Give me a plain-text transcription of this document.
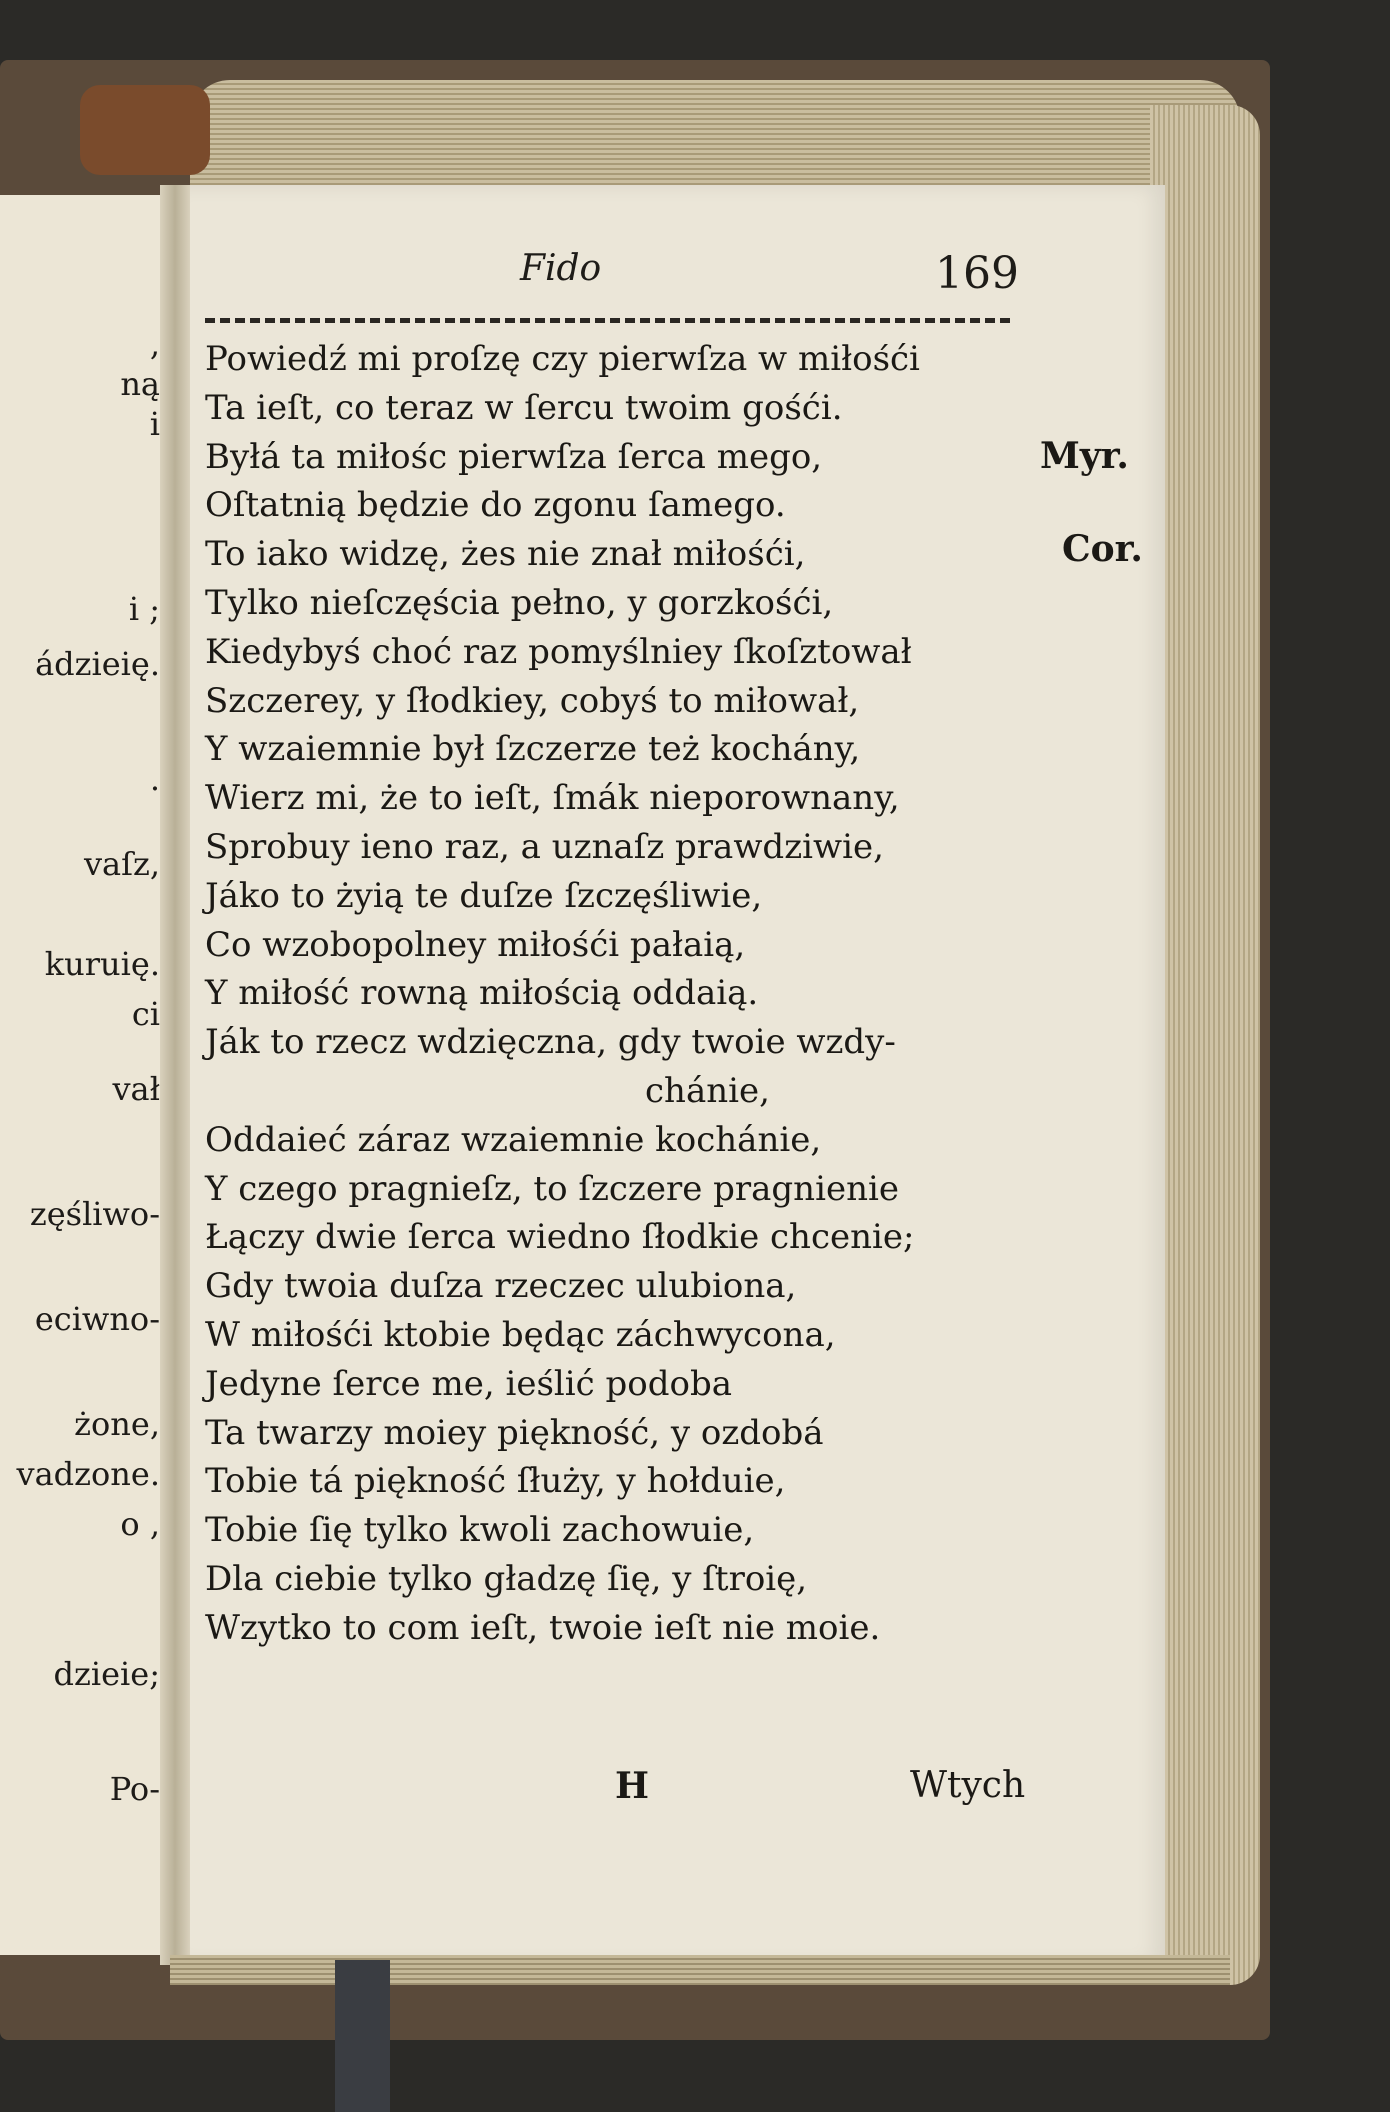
,
ną
i
i ;
ádzieię.
.
vaſz,
kuruię.
ci
vał
zęśliwo-
eciwno-
żone,
vadzone.
o ,
dzieie;
Po-
Fido	169
Myr.
Cor.
Powiedź mi proſzę czy pierwſza w miłośći
Ta ieſt, co teraz w ſercu twoim gośći.
Byłá ta miłośc pierwſza ſerca mego,
Oſtatnią będzie do zgonu ſamego.
To iako widzę, żes nie znał miłośći,
Tylko nieſczęścia pełno, y gorzkośći,
Kiedybyś choć raz pomyślniey ſkoſztował
Szczerey, y ſłodkiey, cobyś to miłował,
Y wzaiemnie był ſzczerze też kochány,
Wierz mi, że to ieſt, ſmák nieporownany,
Sprobuy ieno raz, a uznaſz prawdziwie,
Jáko to żyią te duſze ſzczęśliwie,
Co wzobopolney miłośći pałaią,
Y miłość rowną miłością oddaią.
Ják to rzecz wdzięczna, gdy twoie wzdy-
chánie,
Oddaieć záraz wzaiemnie kochánie,
Y czego pragnieſz, to ſzczere pragnienie
Łączy dwie ſerca wiedno ſłodkie chcenie;
Gdy twoia duſza rzeczec ulubiona,
W miłośći ktobie będąc záchwycona,
Jedyne ſerce me, ieślić podoba
Ta twarzy moiey piękność, y ozdobá
Tobie tá piękność ſłuży, y hołduie,
Tobie ſię tylko kwoli zachowuie,
Dla ciebie tylko gładzę ſię, y ſtroię,
Wzytko to com ieſt, twoie ieſt nie moie.
H	Wtych
